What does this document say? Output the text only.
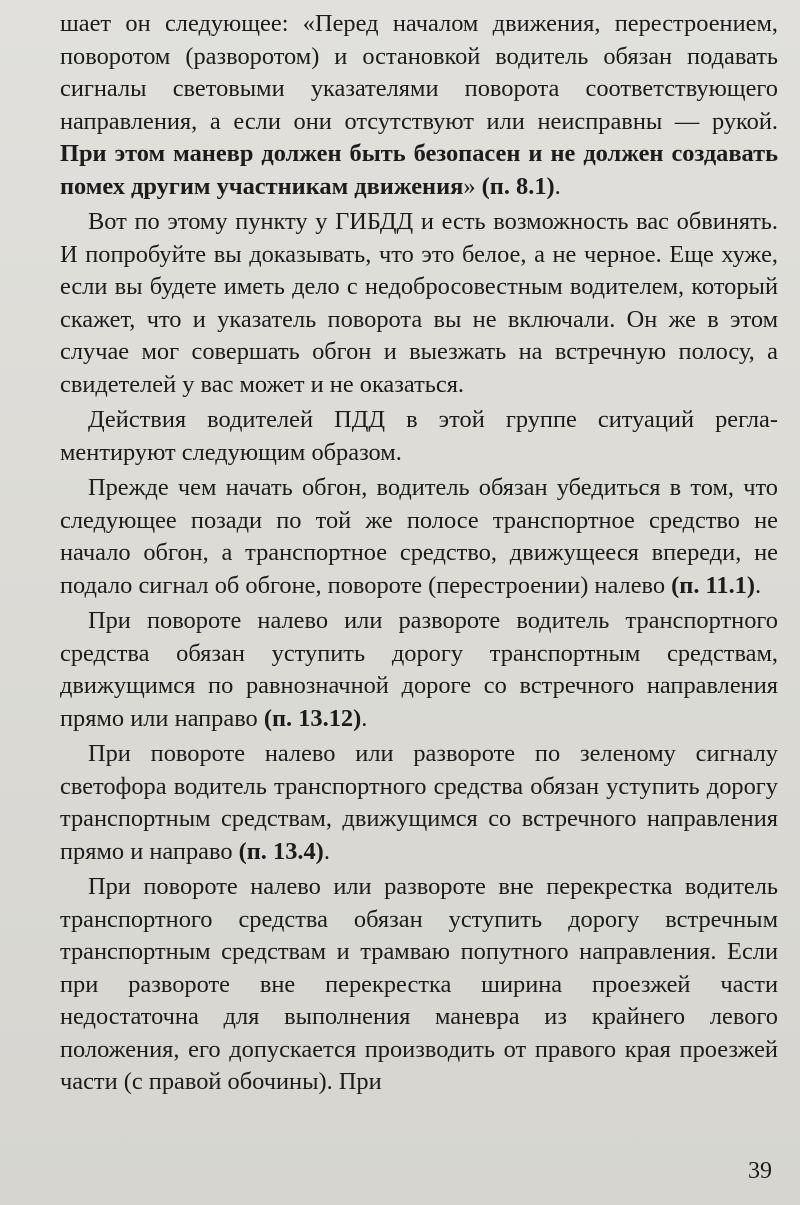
шает он следующее: «Перед началом движения, перестроением, поворотом (разворотом) и остановкой водитель обязан подавать сигналы световыми указателями поворота соответствующего направления, а если они отсутствуют или неисправны — рукой. При этом маневр должен быть безопасен и не должен создавать помех другим участникам движения» (п. 8.1).

Вот по этому пункту у ГИБДД и есть возможность вас обвинять. И попробуйте вы доказывать, что это белое, а не черное. Еще хуже, если вы будете иметь дело с недобросовестным водителем, который скажет, что и указатель поворота вы не включали. Он же в этом случае мог совершать обгон и выезжать на встречную полосу, а свидетелей у вас может и не оказаться.

Действия водителей ПДД в этой группе ситуаций регламентируют следующим образом.

Прежде чем начать обгон, водитель обязан убедиться в том, что следующее позади по той же полосе транспортное средство не начало обгон, а транспортное средство, движущееся впереди, не подало сигнал об обгоне, повороте (перестроении) налево (п. 11.1).

При повороте налево или развороте водитель транспортного средства обязан уступить дорогу транспортным средствам, движущимся по равнозначной дороге со встречного направления прямо или направо (п. 13.12).

При повороте налево или развороте по зеленому сигналу светофора водитель транспортного средства обязан уступить дорогу транспортным средствам, движущимся со встречного направления прямо и направо (п. 13.4).

При повороте налево или развороте вне перекрестка водитель транспортного средства обязан уступить дорогу встречным транспортным средствам и трамваю попутного направления. Если при развороте вне перекрестка ширина проезжей части недостаточна для выполнения маневра из крайнего левого положения, его допускается производить от правого края проезжей части (с правой обочины). При

39
